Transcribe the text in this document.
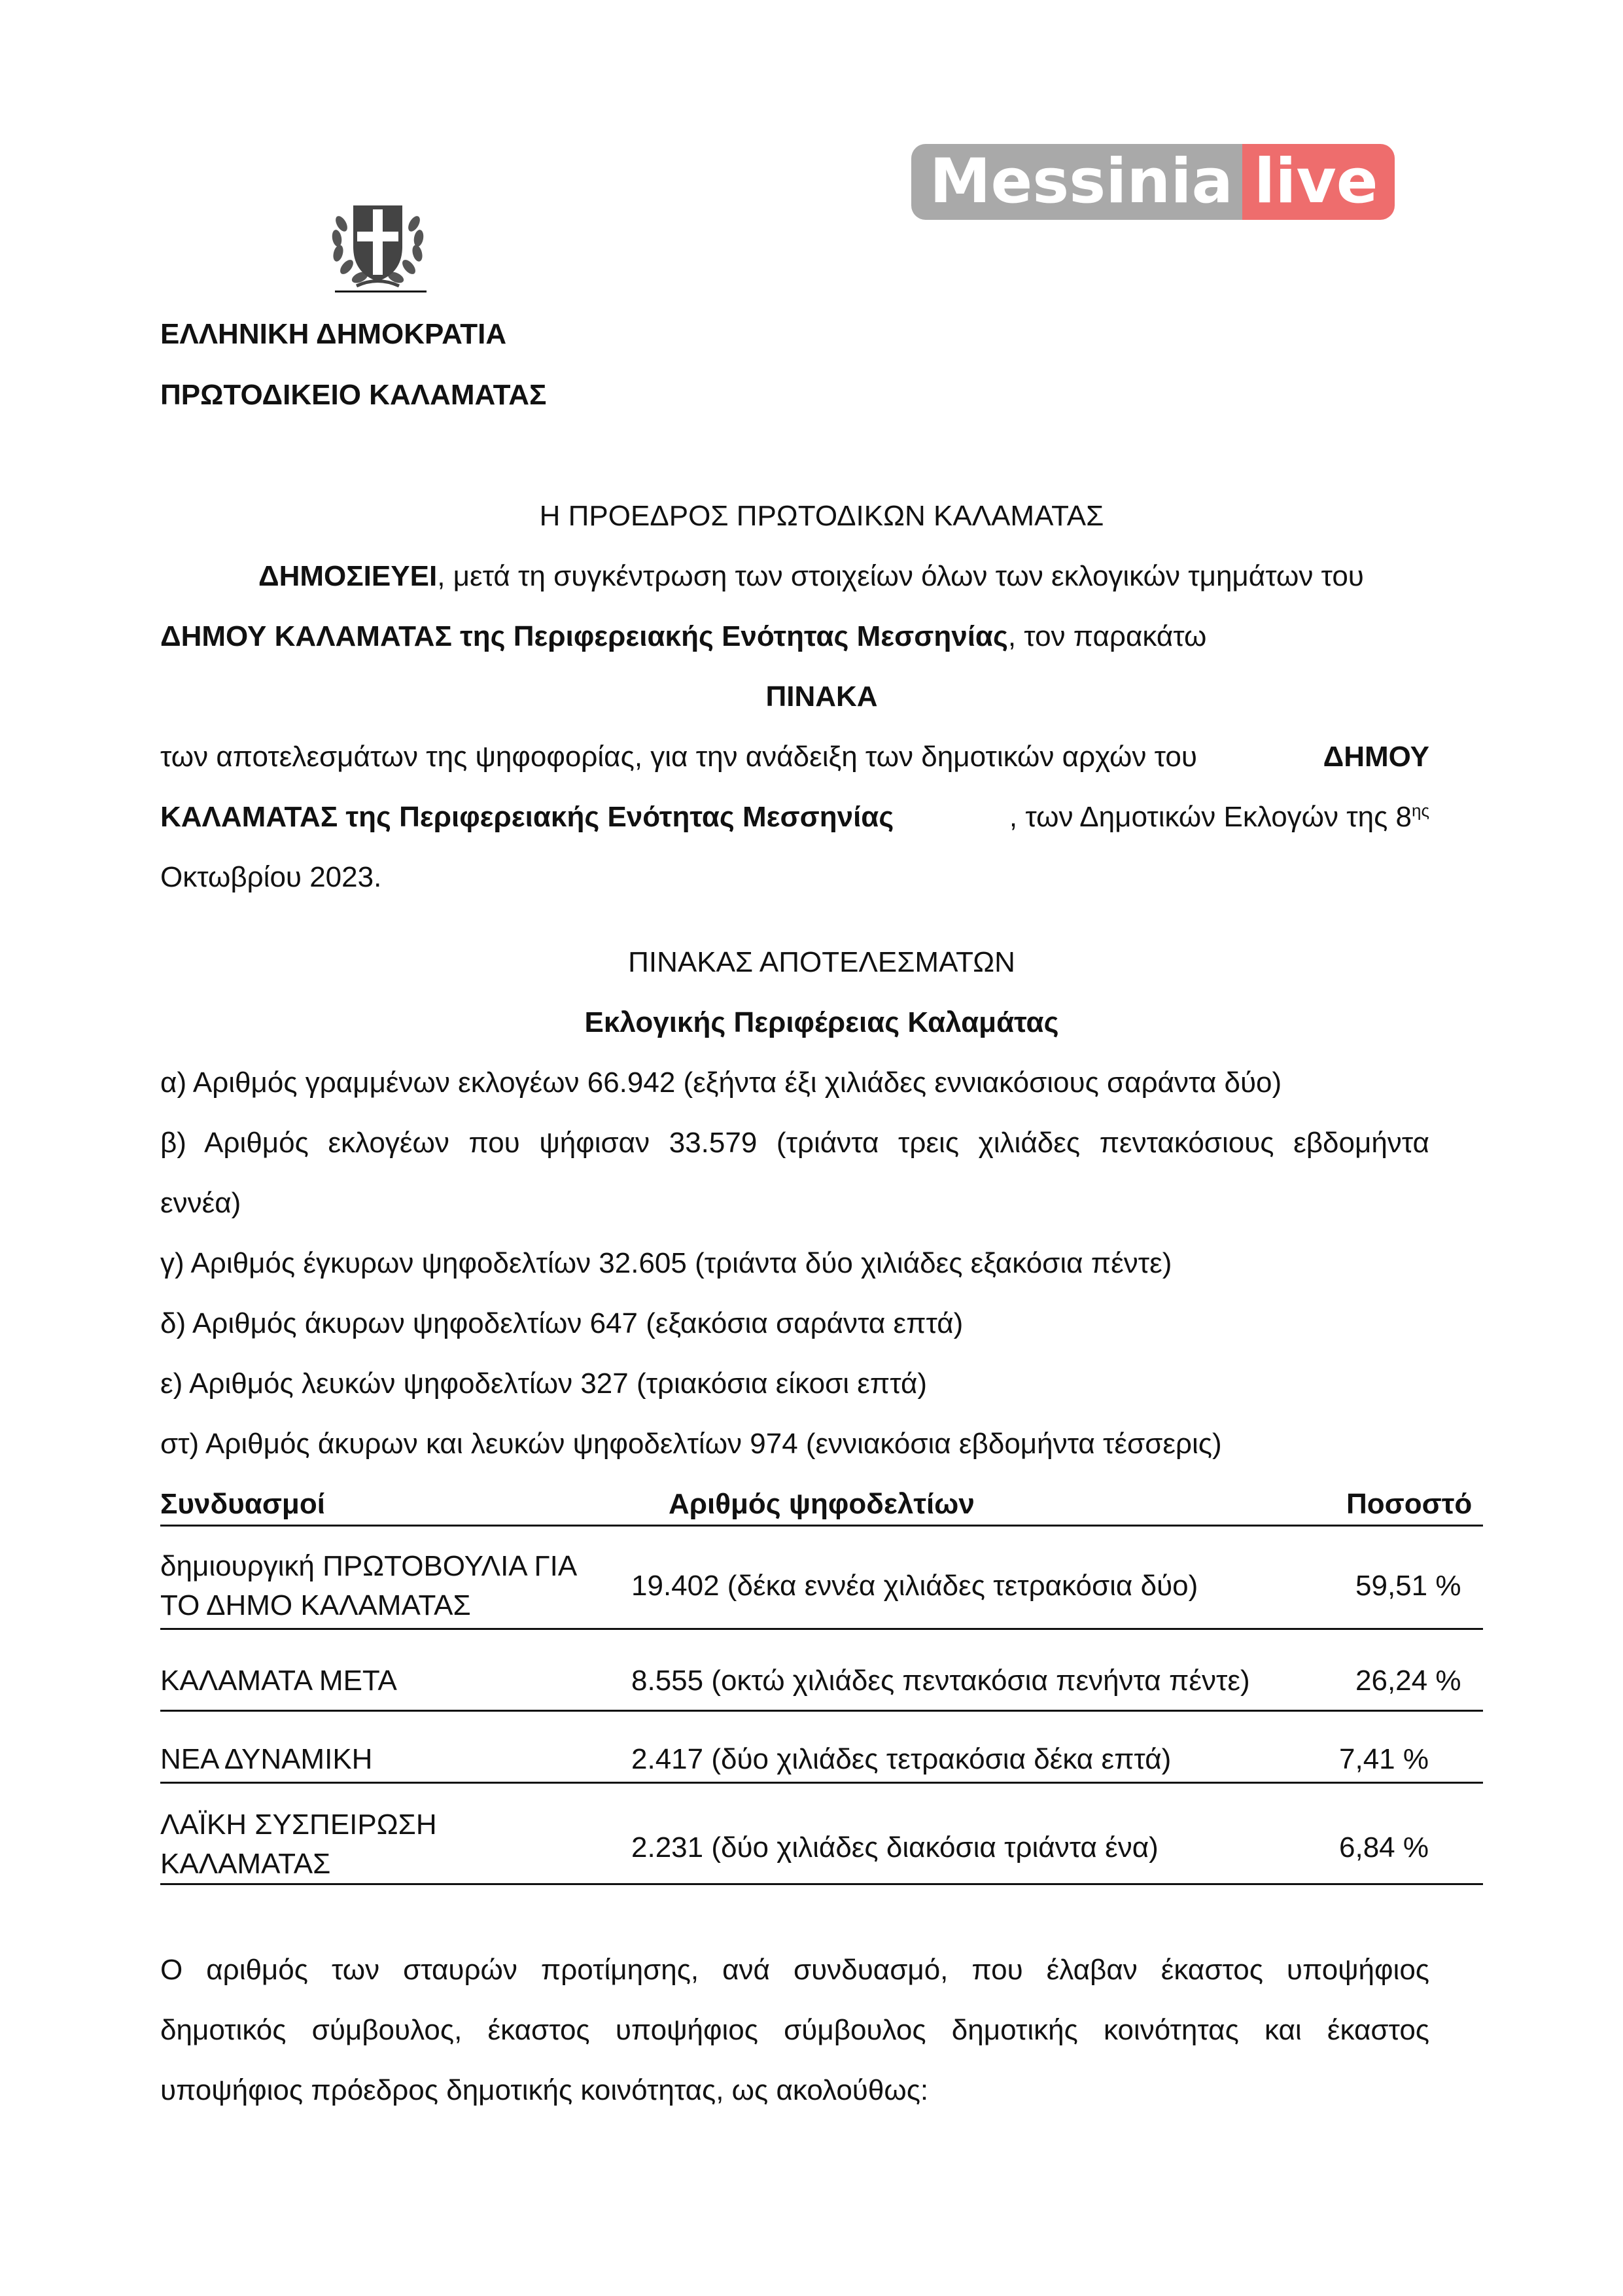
Messinia live
ΕΛΛΗΝΙΚΗ ΔΗΜΟΚΡΑΤΙΑ
ΠΡΩΤΟΔΙΚΕΙΟ ΚΑΛΑΜΑΤΑΣ
Η ΠΡΟΕΔΡΟΣ ΠΡΩΤΟΔΙΚΩΝ ΚΑΛΑΜΑΤΑΣ
ΔΗΜΟΣΙΕΥΕΙ, μετά τη συγκέντρωση των στοιχείων όλων των εκλογικών τμημάτων του
ΔΗΜΟΥ ΚΑΛΑΜΑΤΑΣ της Περιφερειακής Ενότητας Μεσσηνίας, τον παρακάτω
ΠΙΝΑΚΑ
των αποτελεσμάτων της ψηφοφορίας, για την ανάδειξη των δημοτικών αρχών του	ΔΗΜΟΥ
ΚΑΛΑΜΑΤΑΣ της Περιφερειακής Ενότητας Μεσσηνίας	, των Δημοτικών Εκλογών της $8^{\eta\varsigma}$
Οκτωβρίου 2023.
ΠΙΝΑΚΑΣ ΑΠΟΤΕΛΕΣΜΑΤΩΝ
Εκλογικής Περιφέρειας Καλαμάτας
α) Αριθμός γραμμένων εκλογέων 66.942 (εξήντα έξι χιλιάδες εννιακόσιους σαράντα δύο)
β) Αριθμός εκλογέων που ψήφισαν 33.579 (τριάντα τρεις χιλιάδες πεντακόσιους εβδομήντα
εννέα)
γ) Αριθμός έγκυρων ψηφοδελτίων 32.605 (τριάντα δύο χιλιάδες εξακόσια πέντε)
δ) Αριθμός άκυρων ψηφοδελτίων 647 (εξακόσια σαράντα επτά)
ε) Αριθμός λευκών ψηφοδελτίων 327 (τριακόσια είκοσι επτά)
στ) Αριθμός άκυρων και λευκών ψηφοδελτίων 974 (εννιακόσια εβδομήντα τέσσερις)
Συνδυασμοί	Αριθμός ψηφοδελτίων	Ποσοστό
δημιουργική ΠΡΩΤΟΒΟΥΛΙΑ ΓΙΑ
ΤΟ ΔΗΜΟ ΚΑΛΑΜΑΤΑΣ
19.402 (δέκα εννέα χιλιάδες τετρακόσια δύο)	59,51 %
ΚΑΛΑΜΑΤΑ ΜΕΤΑ	8.555 (οκτώ χιλιάδες πεντακόσια πενήντα πέντε)	26,24 %
ΝΕΑ ΔΥΝΑΜΙΚΗ	2.417 (δύο χιλιάδες τετρακόσια δέκα επτά)	7,41 %
ΛΑΪΚΗ ΣΥΣΠΕΙΡΩΣΗ
ΚΑΛΑΜΑΤΑΣ
2.231 (δύο χιλιάδες διακόσια τριάντα ένα)	6,84 %
Ο αριθμός των σταυρών προτίμησης, ανά συνδυασμό, που έλαβαν έκαστος υποψήφιος
δημοτικός σύμβουλος, έκαστος υποψήφιος σύμβουλος δημοτικής κοινότητας και έκαστος
υποψήφιος πρόεδρος δημοτικής κοινότητας, ως ακολούθως:
